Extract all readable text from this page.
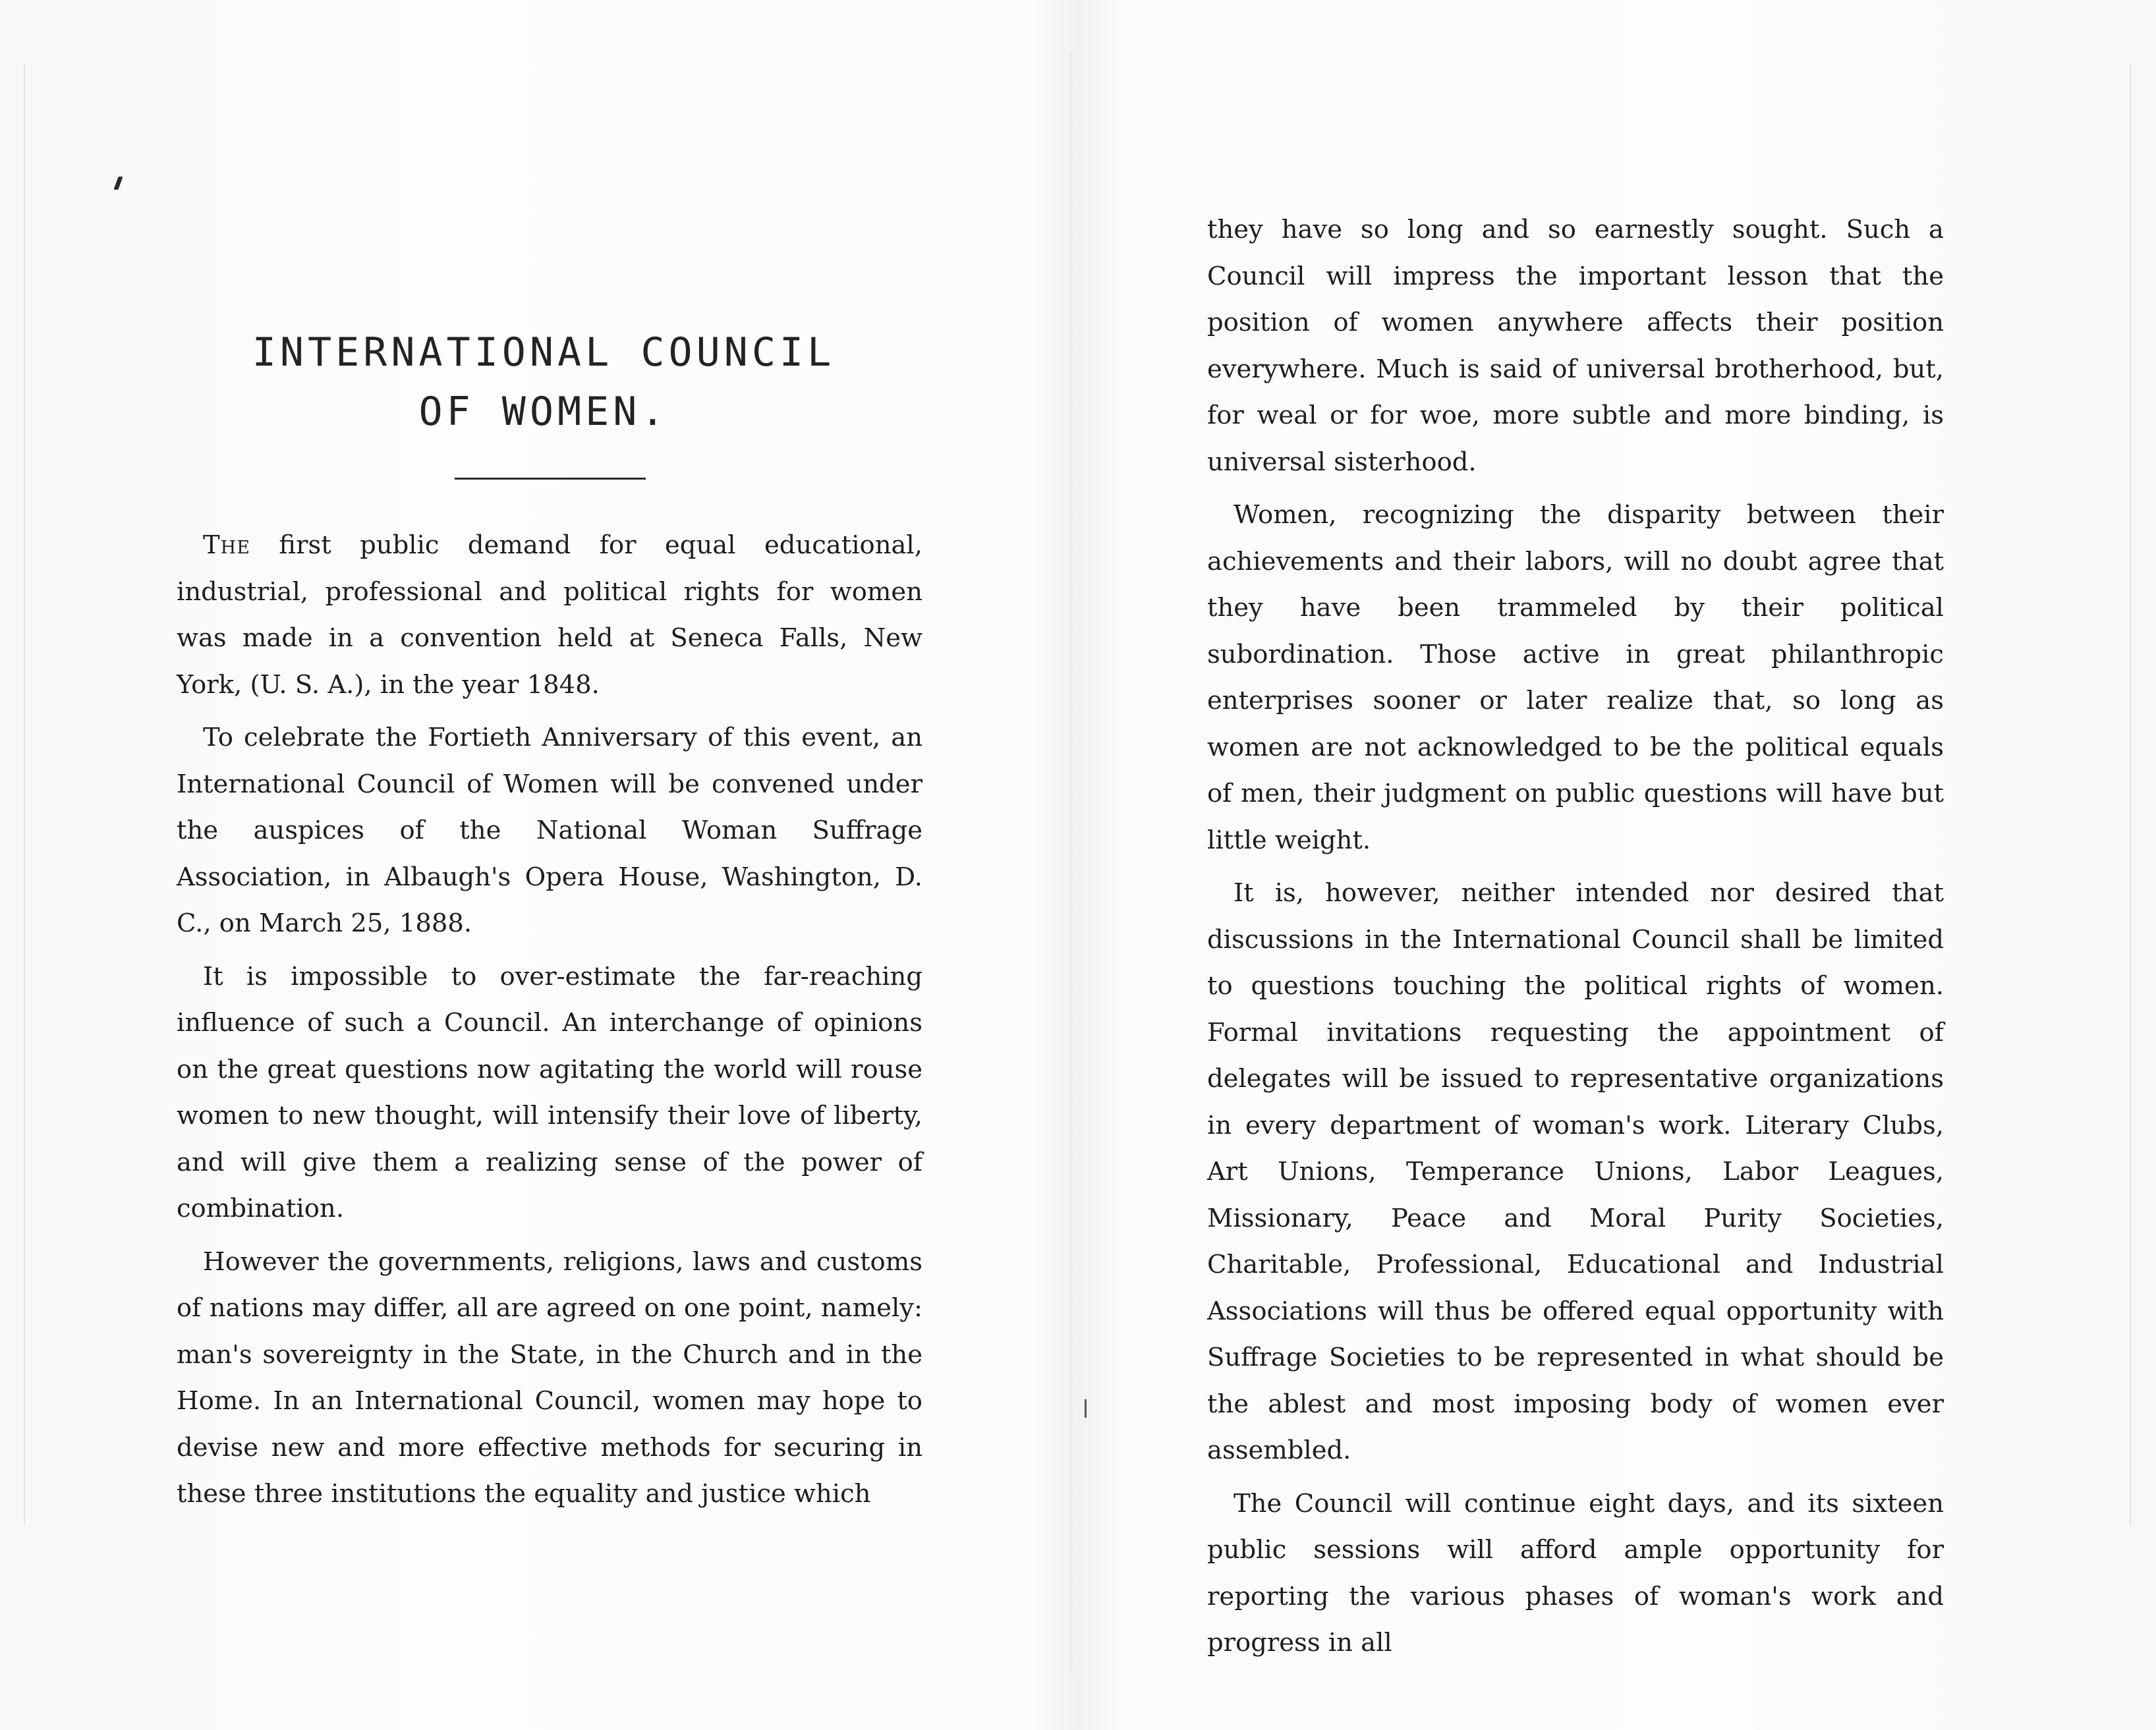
INTERNATIONAL COUNCIL
OF WOMEN.

The first public demand for equal educational, industrial, professional and political rights for women was made in a convention held at Seneca Falls, New York, (U. S. A.), in the year 1848.

To celebrate the Fortieth Anniversary of this event, an International Council of Women will be convened under the auspices of the National Woman Suffrage Association, in Albaugh's Opera House, Washington, D. C., on March 25, 1888.

It is impossible to over-estimate the far-reaching influence of such a Council. An interchange of opinions on the great questions now agitating the world will rouse women to new thought, will intensify their love of liberty, and will give them a realizing sense of the power of combination.

However the governments, religions, laws and customs of nations may differ, all are agreed on one point, namely: man's sovereignty in the State, in the Church and in the Home. In an International Council, women may hope to devise new and more effective methods for securing in these three institutions the equality and justice which

they have so long and so earnestly sought. Such a Council will impress the important lesson that the position of women anywhere affects their position everywhere. Much is said of universal brotherhood, but, for weal or for woe, more subtle and more binding, is universal sisterhood.

Women, recognizing the disparity between their achievements and their labors, will no doubt agree that they have been trammeled by their political subordination. Those active in great philanthropic enterprises sooner or later realize that, so long as women are not acknowledged to be the political equals of men, their judgment on public questions will have but little weight.

It is, however, neither intended nor desired that discussions in the International Council shall be limited to questions touching the political rights of women. Formal invitations requesting the appointment of delegates will be issued to representative organizations in every department of woman's work. Literary Clubs, Art Unions, Temperance Unions, Labor Leagues, Missionary, Peace and Moral Purity Societies, Charitable, Professional, Educational and Industrial Associations will thus be offered equal opportunity with Suffrage Societies to be represented in what should be the ablest and most imposing body of women ever assembled.

The Council will continue eight days, and its sixteen public sessions will afford ample opportunity for reporting the various phases of woman's work and progress in all
